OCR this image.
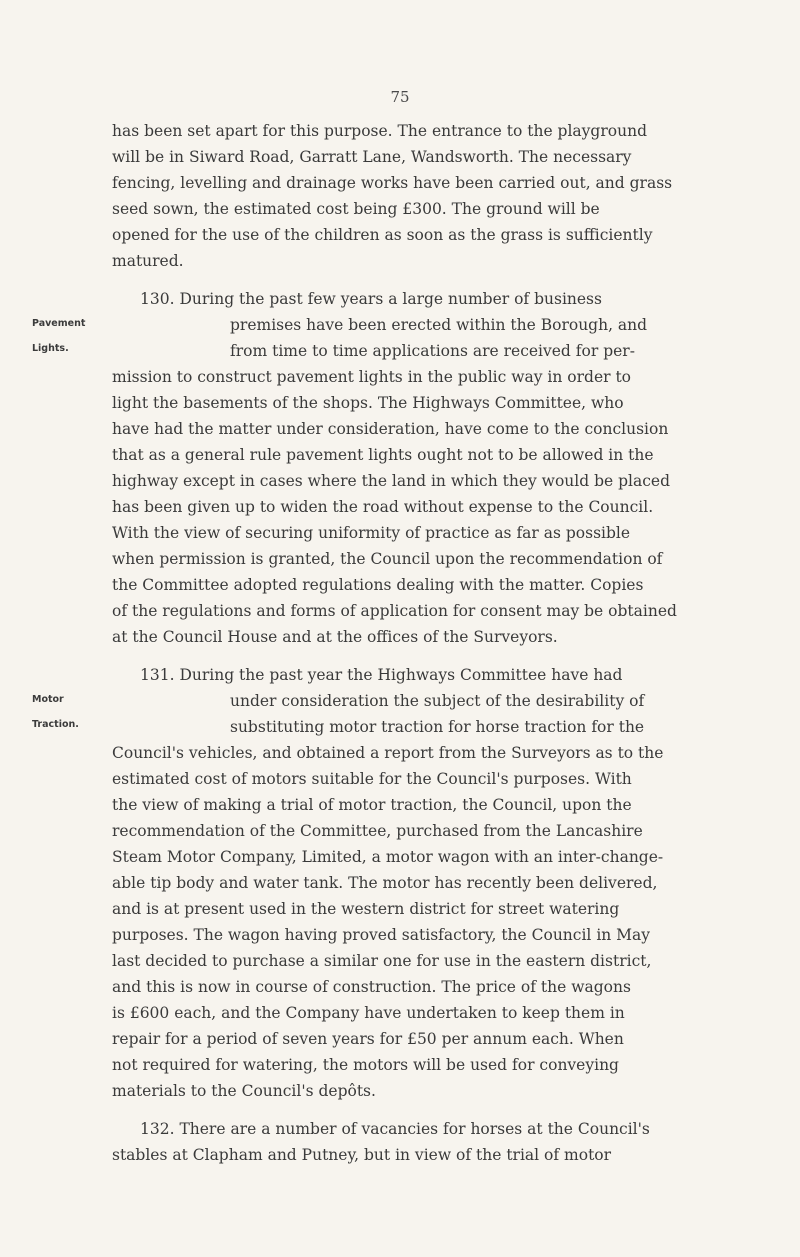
75

has been set apart for this purpose. The entrance to the playground

will be in Siward Road, Garratt Lane, Wandsworth. The necessary

fencing, levelling and drainage works have been carried out, and grass

seed sown, the estimated cost being £300. The ground will be

opened for the use of the children as soon as the grass is sufficiently

matured.

Pavement
Lights.

130. During the past few years a large number of business

premises have been erected within the Borough, and

from time to time applications are received for per-

mission to construct pavement lights in the public way in order to

light the basements of the shops. The Highways Committee, who

have had the matter under consideration, have come to the conclusion

that as a general rule pavement lights ought not to be allowed in the

highway except in cases where the land in which they would be placed

has been given up to widen the road without expense to the Council.

With the view of securing uniformity of practice as far as possible

when permission is granted, the Council upon the recommendation of

the Committee adopted regulations dealing with the matter. Copies

of the regulations and forms of application for consent may be obtained

at the Council House and at the offices of the Surveyors.

Motor
Traction.

131. During the past year the Highways Committee have had

under consideration the subject of the desirability of

substituting motor traction for horse traction for the

Council's vehicles, and obtained a report from the Surveyors as to the

estimated cost of motors suitable for the Council's purposes. With

the view of making a trial of motor traction, the Council, upon the

recommendation of the Committee, purchased from the Lancashire

Steam Motor Company, Limited, a motor wagon with an inter-change-

able tip body and water tank. The motor has recently been delivered,

and is at present used in the western district for street watering

purposes. The wagon having proved satisfactory, the Council in May

last decided to purchase a similar one for use in the eastern district,

and this is now in course of construction. The price of the wagons

is £600 each, and the Company have undertaken to keep them in

repair for a period of seven years for £50 per annum each. When

not required for watering, the motors will be used for conveying

materials to the Council's depôts.

132. There are a number of vacancies for horses at the Council's

stables at Clapham and Putney, but in view of the trial of motor
